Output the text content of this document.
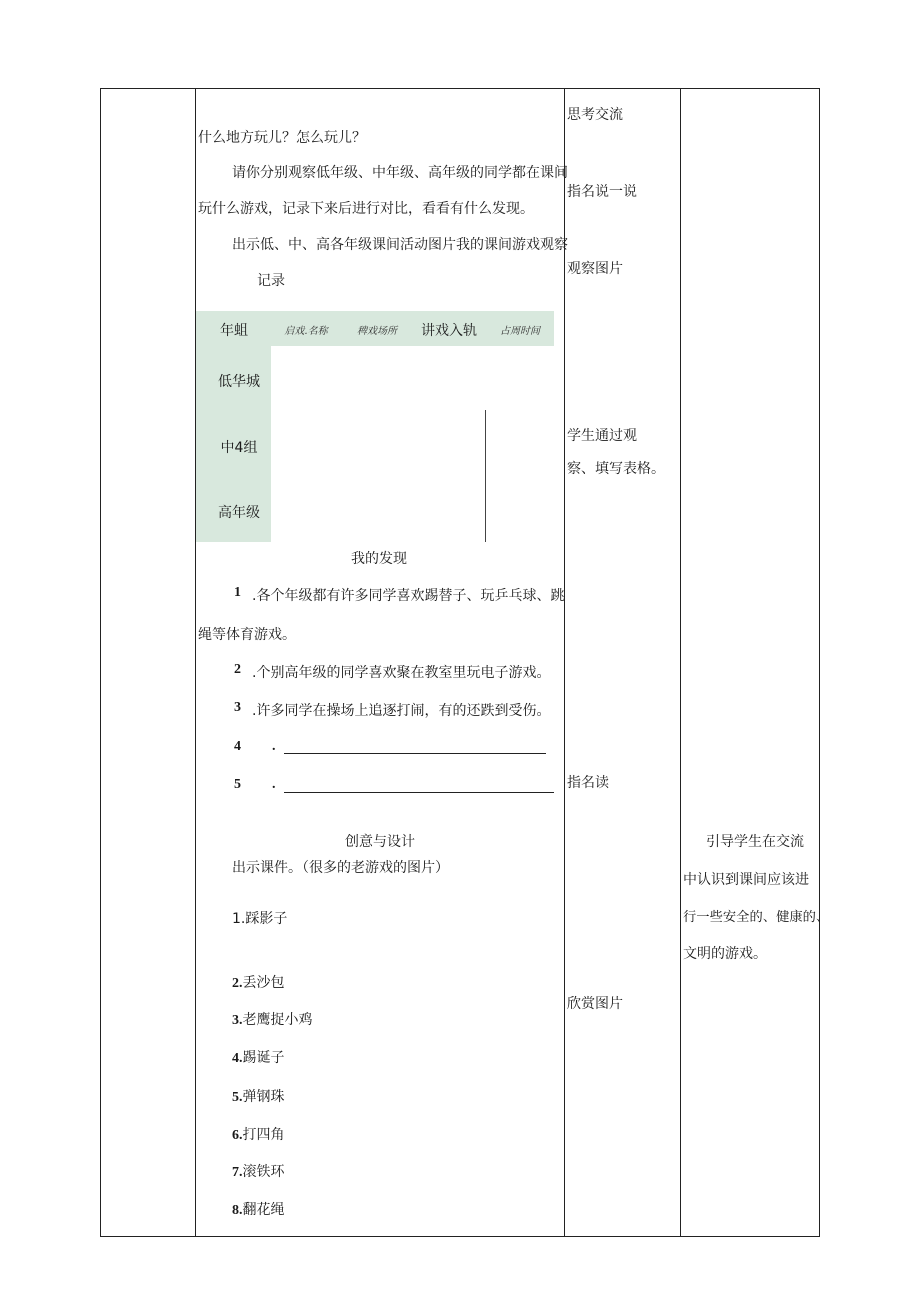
什么地方玩儿？怎么玩儿？
请你分别观察低年级、中年级、高年级的同学都在课间
玩什么游戏，记录下来后进行对比，看看有什么发现。
出示低、中、高各年级课间活动图片我的课间游戏观察
记录
年蛆	启戏.名称	稗戏场所	讲戏入轨	占周时间
低华城
中4组
高年级
我的发现
1 .各个年级都有许多同学喜欢踢替子、玩乒乓球、跳
绳等体育游戏。
2 .个别高年级的同学喜欢聚在教室里玩电子游戏。
3 .许多同学在操场上追逐打闹，有的还跌到受伤。
4 .
5 .
创意与设计
出示课件。（很多的老游戏的图片）
1.踩影子
2.丢沙包
3.老鹰捉小鸡
4.踢诞子
5.弹钢珠
6.打四角
7.滚铁环
8.翻花绳
思考交流
指名说一说
观察图片
学生通过观
察、填写表格。
指名读
欣赏图片
引导学生在交流
中认识到课间应该进
行一些安全的、健康的、
文明的游戏。
